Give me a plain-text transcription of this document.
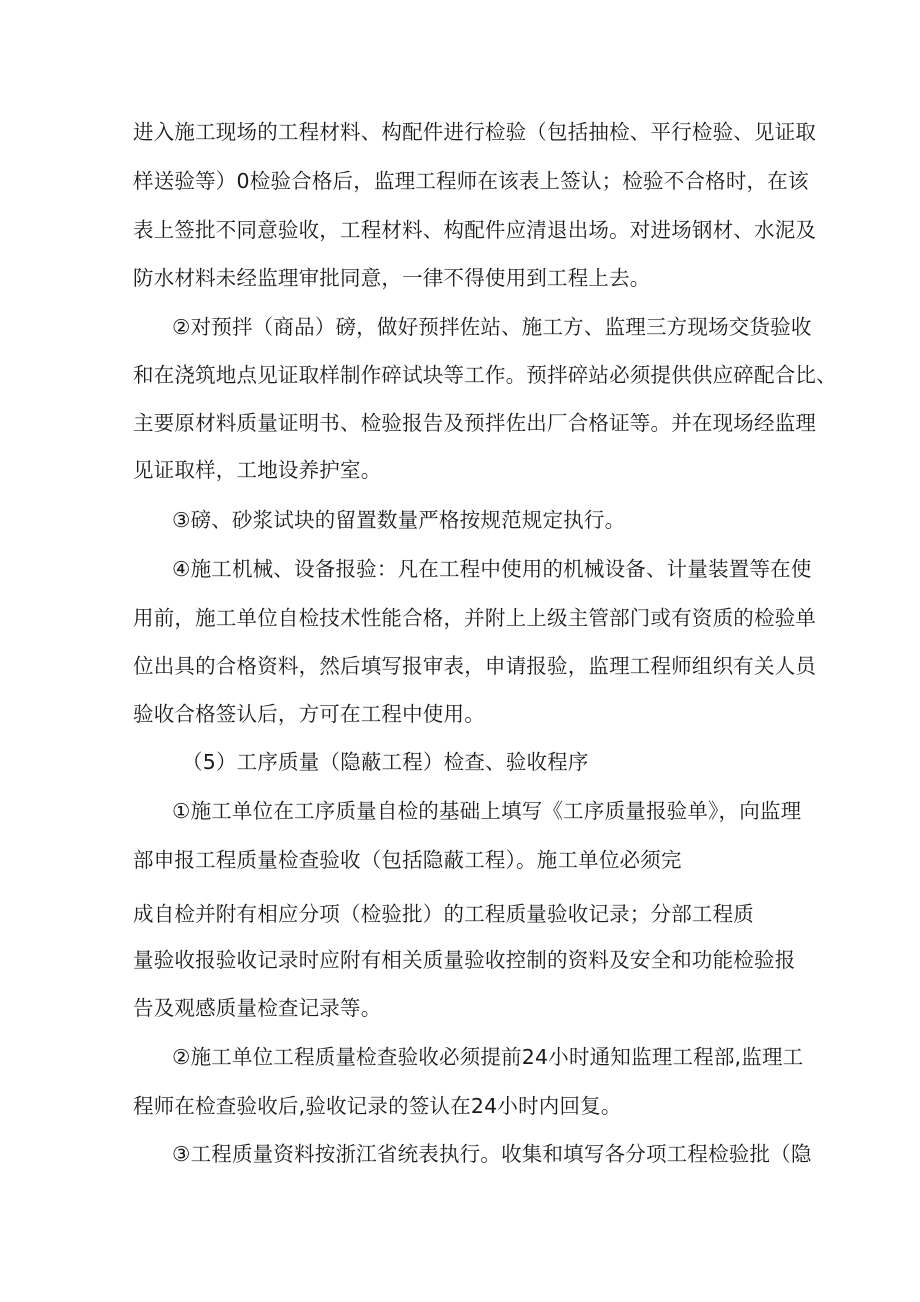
进入施工现场的工程材料、构配件进行检验（包括抽检、平行检验、见证取
样送验等）0检验合格后，监理工程师在该表上签认；检验不合格时，在该
表上签批不同意验收，工程材料、构配件应清退出场。对进场钢材、水泥及
防水材料未经监理审批同意，一律不得使用到工程上去。
②对预拌（商品）磅，做好预拌佐站、施工方、监理三方现场交货验收
和在浇筑地点见证取样制作碎试块等工作。预拌碎站必须提供供应碎配合比、
主要原材料质量证明书、检验报告及预拌佐出厂合格证等。并在现场经监理
见证取样，工地设养护室。
③磅、砂浆试块的留置数量严格按规范规定执行。
④施工机械、设备报验：凡在工程中使用的机械设备、计量装置等在使
用前，施工单位自检技术性能合格，并附上上级主管部门或有资质的检验单
位出具的合格资料，然后填写报审表，申请报验，监理工程师组织有关人员
验收合格签认后，方可在工程中使用。
（5）工序质量（隐蔽工程）检查、验收程序
①施工单位在工序质量自检的基础上填写《工序质量报验单》，向监理
部申报工程质量检查验收（包括隐蔽工程）。施工单位必须完
成自检并附有相应分项（检验批）的工程质量验收记录；分部工程质
量验收报验收记录时应附有相关质量验收控制的资料及安全和功能检验报
告及观感质量检查记录等。
②施工单位工程质量检查验收必须提前24小时通知监理工程部,监理工
程师在检查验收后,验收记录的签认在24小时内回复。
③工程质量资料按浙江省统表执行。收集和填写各分项工程检验批（隐
